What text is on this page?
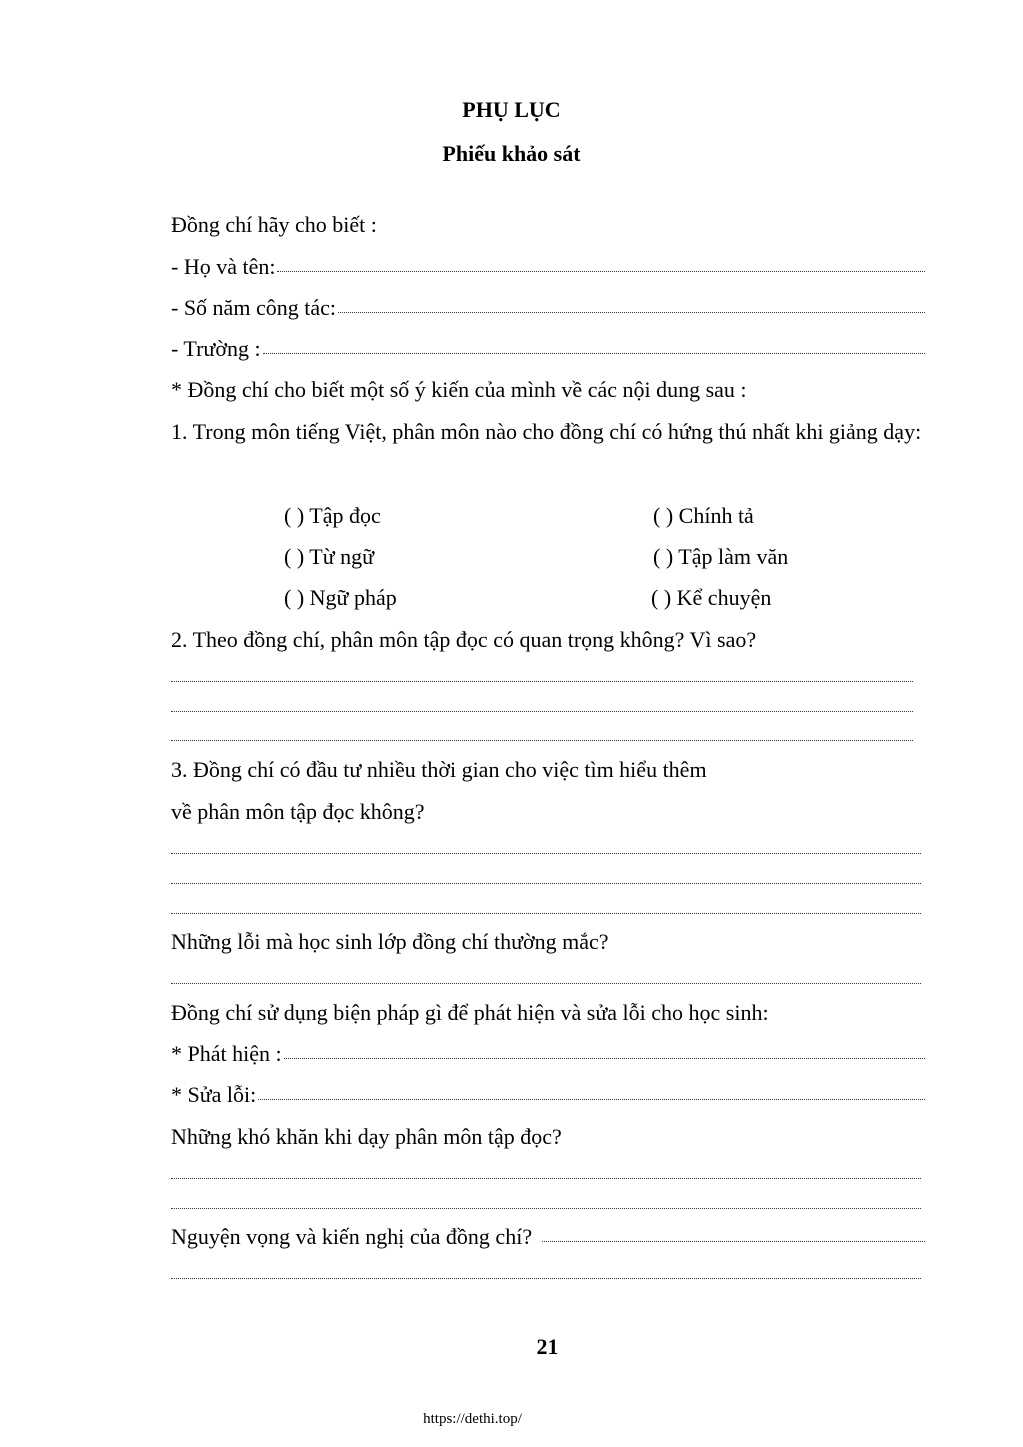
PHỤ LỤC
Phiếu khảo sát
Đồng chí hãy cho biết :
- Họ và tên:
- Số năm công tác:
- Trường :
* Đồng chí cho biết một số ý kiến của mình về các nội dung sau :
1. Trong môn tiếng Việt, phân môn nào cho đồng chí có hứng thú nhất khi giảng dạy:
( ) Tập đọc	( ) Chính tả
( ) Từ ngữ	( ) Tập làm văn
( ) Ngữ pháp	( ) Kể chuyện
2. Theo đồng chí, phân môn tập đọc có quan trọng không? Vì sao?
3. Đồng chí có đầu tư nhiều thời gian cho việc tìm hiểu thêm
về phân môn tập đọc không?
Những lỗi mà học sinh lớp đồng chí thường mắc?
Đồng chí sử dụng biện pháp gì để phát hiện và sửa lỗi cho học sinh:
* Phát hiện :
* Sửa lỗi:
Những khó khăn khi dạy phân môn tập đọc?
Nguyện vọng và kiến nghị của đồng chí?
21
https://dethi.top/
